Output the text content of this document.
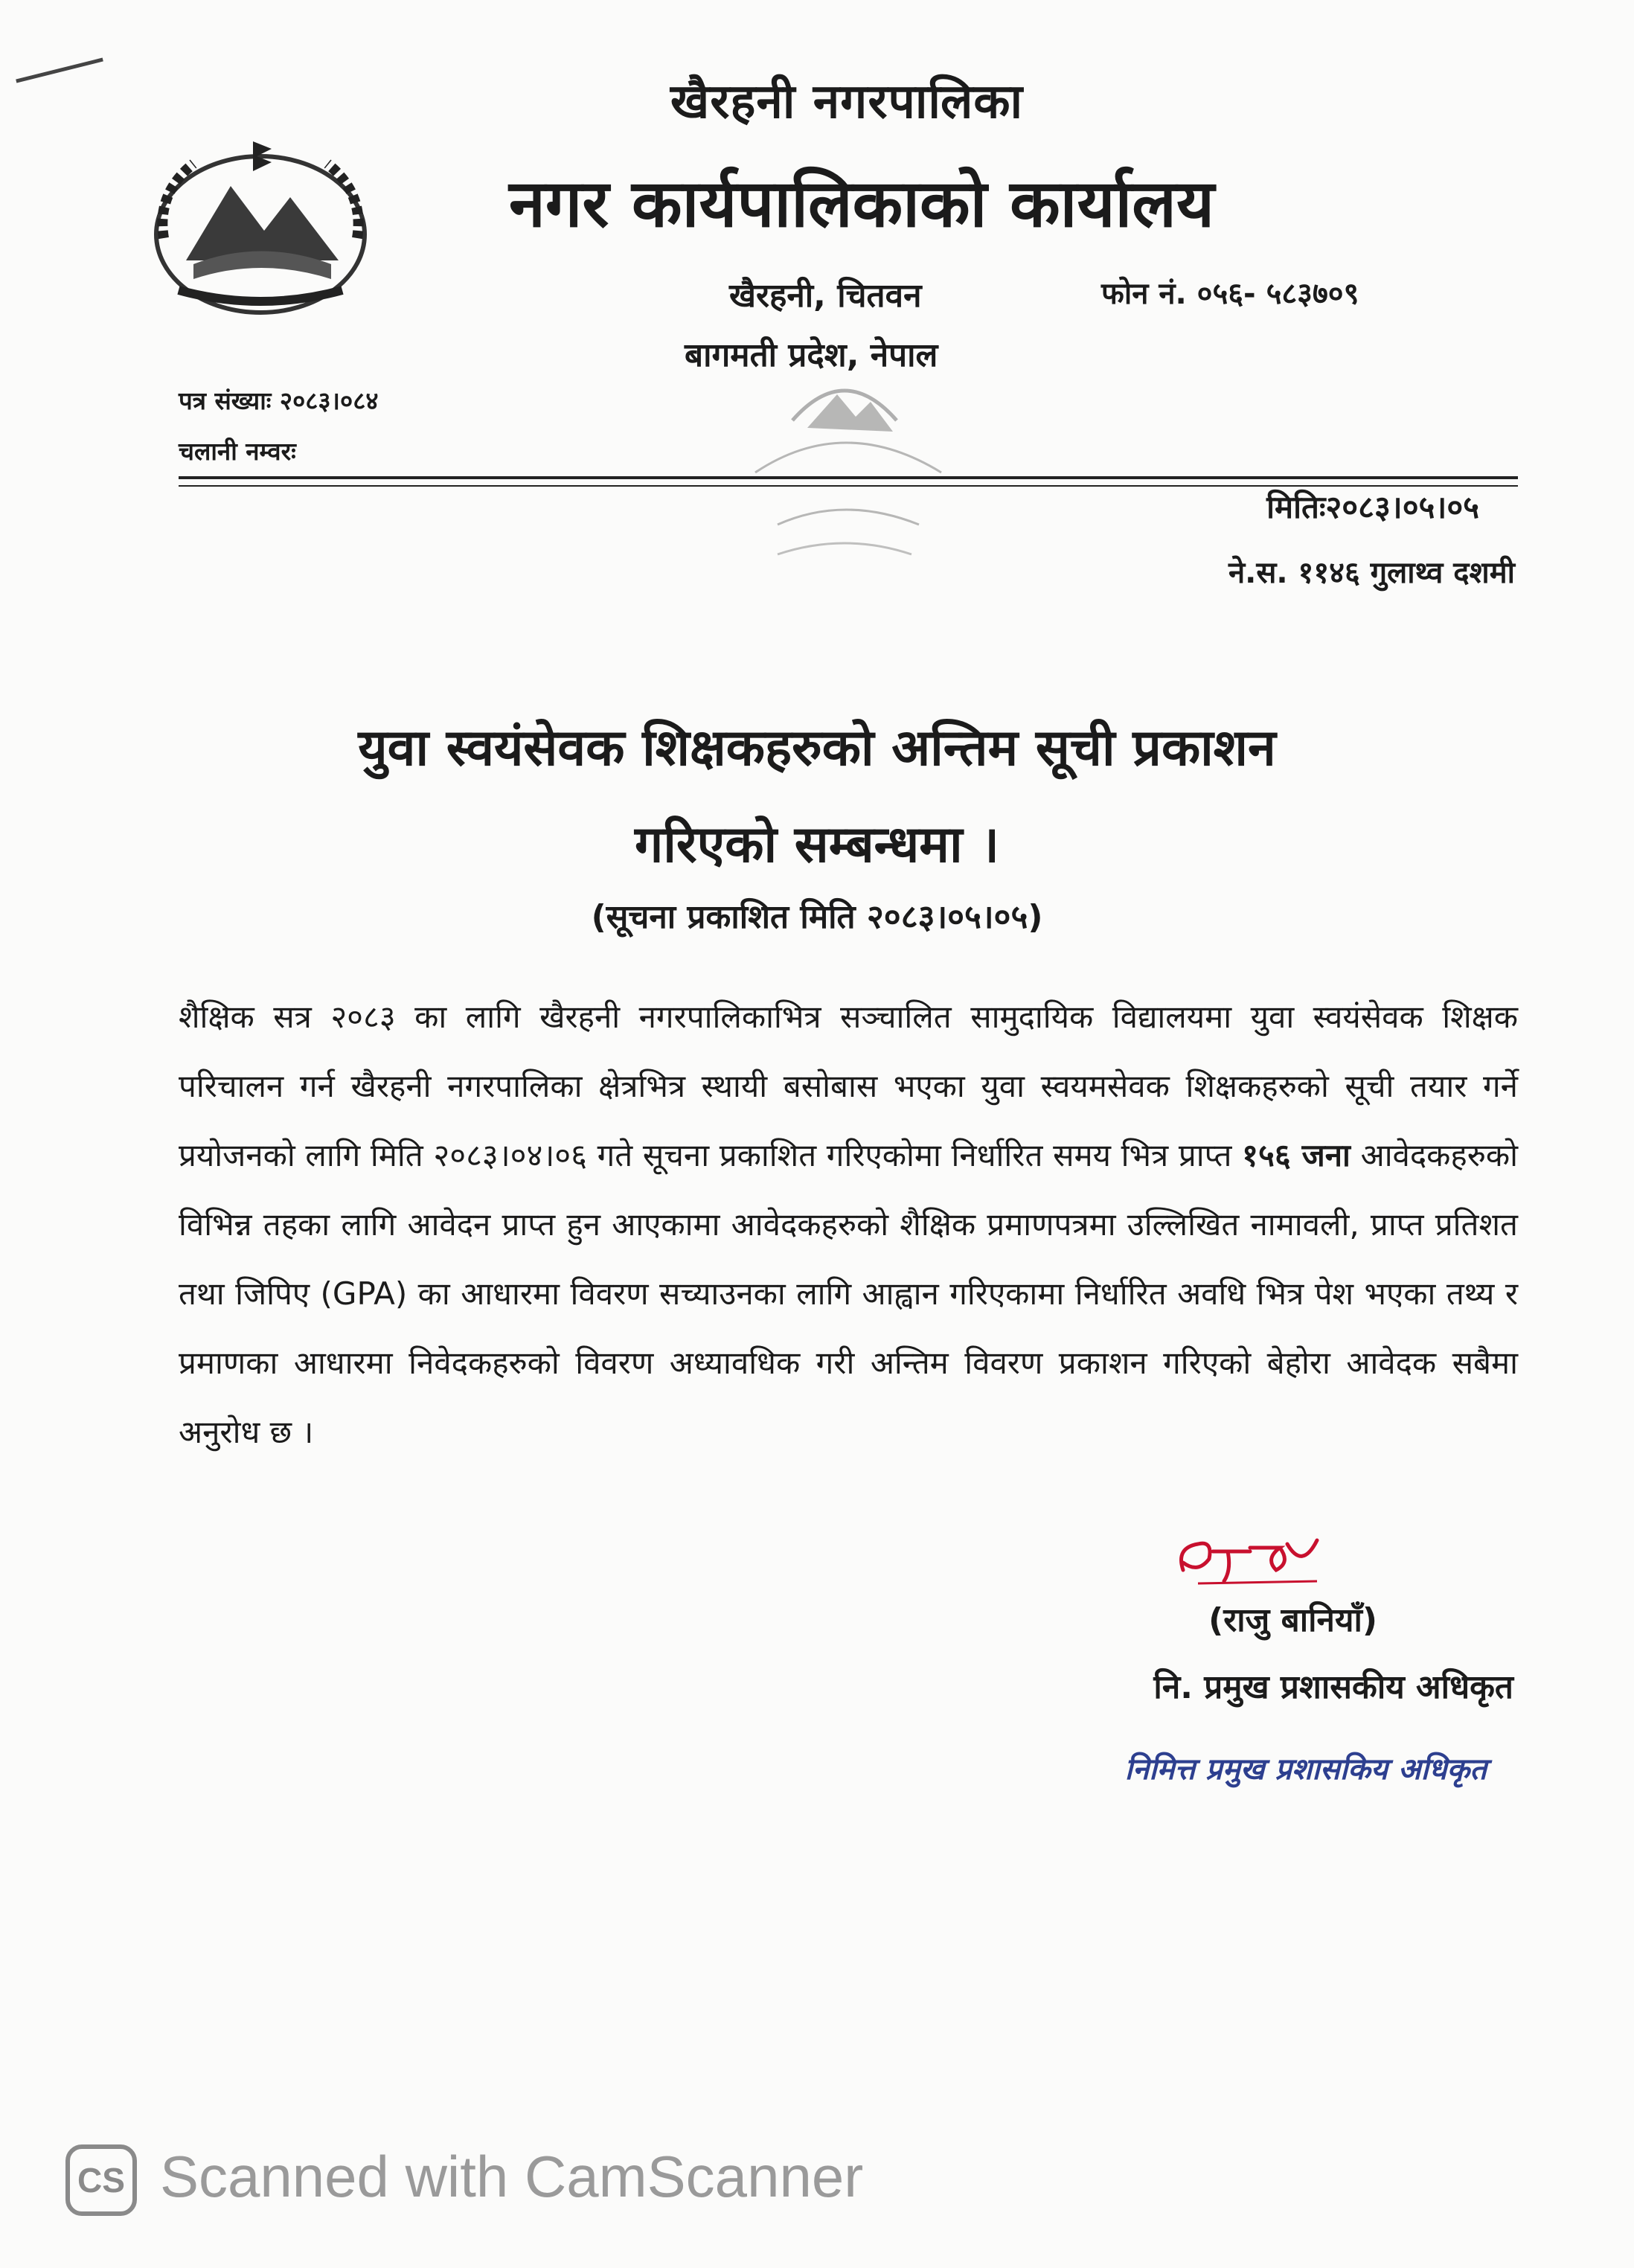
खैरहनी नगरपालिका
नगर कार्यपालिकाको कार्यालय
खैरहनी, चितवन
बागमती प्रदेश, नेपाल
फोन नं. ०५६- ५८३७०९
पत्र संख्याः २०८३।०८४
चलानी नम्वरः
मितिः२०८३।०५।०५
ने.स. ११४६ गुलाथ्व दशमी
युवा स्वयंसेवक शिक्षकहरुको अन्तिम सूची प्रकाशन
गरिएको सम्बन्धमा ।
(सूचना प्रकाशित मिति २०८३।०५।०५)
शैक्षिक सत्र २०८३ का लागि खैरहनी नगरपालिकाभित्र सञ्चालित सामुदायिक विद्यालयमा युवा स्वयंसेवक शिक्षक परिचालन गर्न खैरहनी नगरपालिका क्षेत्रभित्र स्थायी बसोबास भएका युवा स्वयमसेवक शिक्षकहरुको सूची तयार गर्ने प्रयोजनको लागि मिति २०८३।०४।०६ गते सूचना प्रकाशित गरिएकोमा निर्धारित समय भित्र प्राप्त १५६ जना आवेदकहरुको विभिन्न तहका लागि आवेदन प्राप्त हुन आएकामा आवेदकहरुको शैक्षिक प्रमाणपत्रमा उल्लिखित नामावली, प्राप्त प्रतिशत तथा जिपिए (GPA) का आधारमा विवरण सच्याउनका लागि आह्वान गरिएकामा निर्धारित अवधि भित्र पेश भएका तथ्य र प्रमाणका आधारमा निवेदकहरुको विवरण अध्यावधिक गरी अन्तिम विवरण प्रकाशन गरिएको बेहोरा आवेदक सबैमा अनुरोध छ ।
(राजु बानियाँ)
नि. प्रमुख प्रशासकीय अधिकृत
निमित्त प्रमुख प्रशासकिय अधिकृत
CS Scanned with CamScanner
